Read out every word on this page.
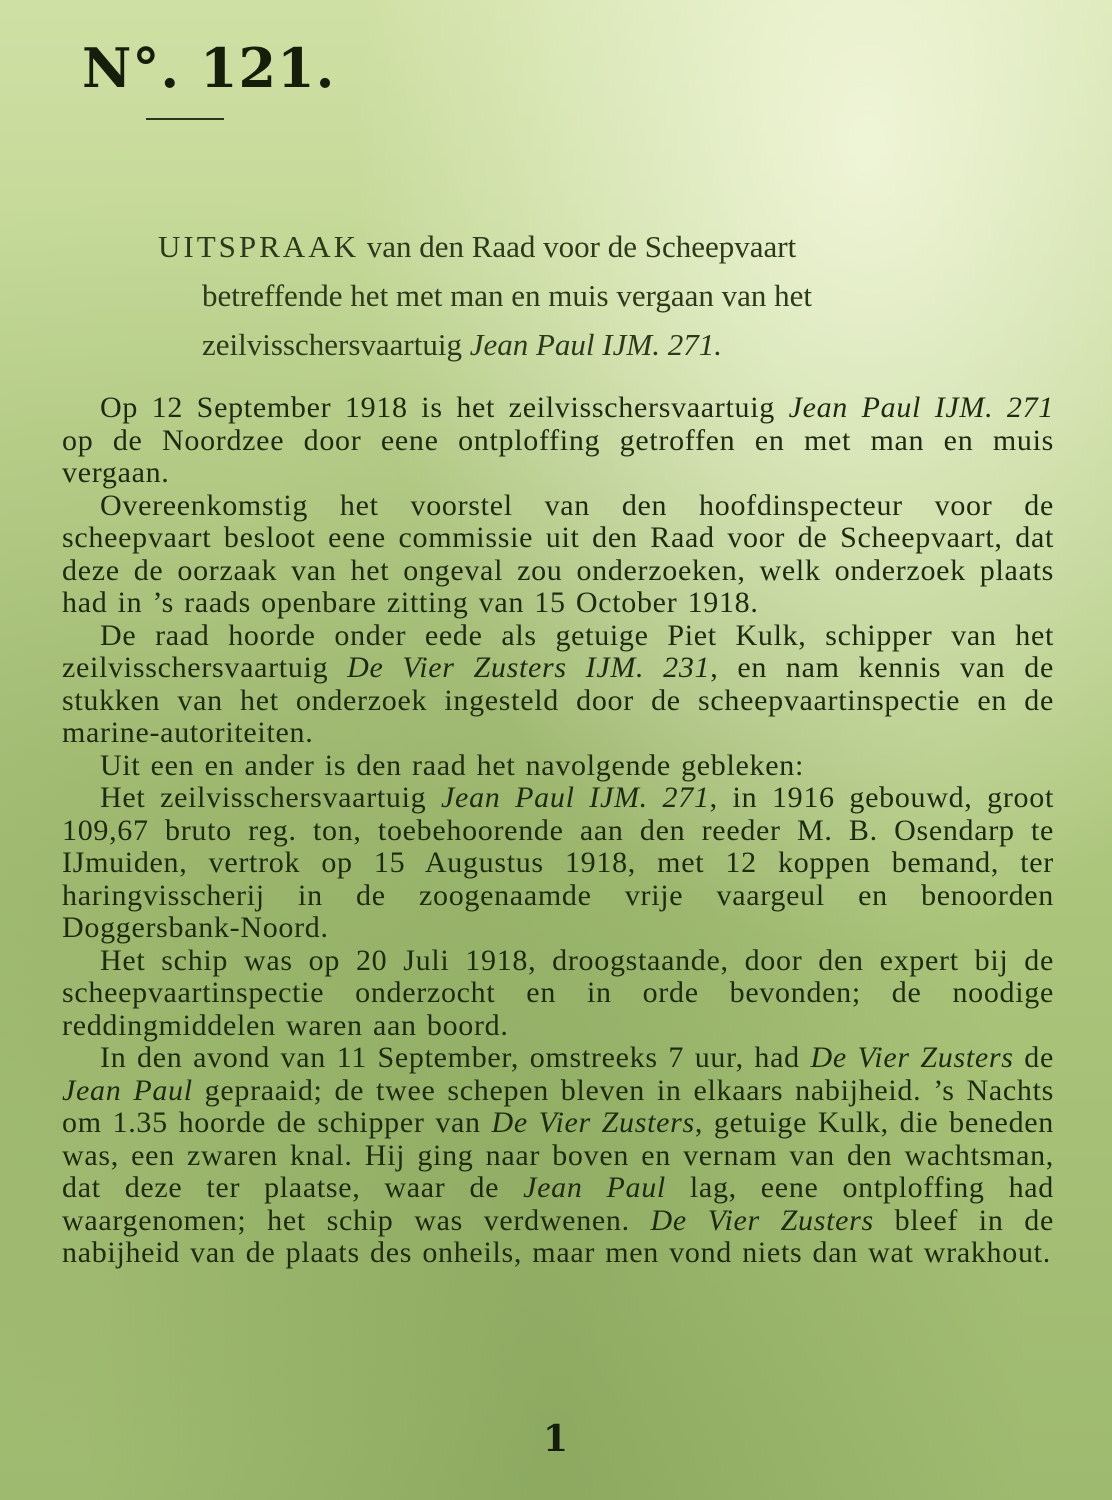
N°. 121.
UITSPRAAK van den Raad voor de Scheepvaart
betreffende het met man en muis vergaan van het
zeilvisschersvaartuig Jean Paul IJM. 271.

Op 12 September 1918 is het zeilvisschersvaartuig Jean Paul IJM. 271 op de Noordzee door eene ontploffing getroffen en met man en muis vergaan.

Overeenkomstig het voorstel van den hoofdinspecteur voor de scheepvaart besloot eene commissie uit den Raad voor de Scheepvaart, dat deze de oorzaak van het ongeval zou onderzoeken, welk onderzoek plaats had in ’s raads openbare zitting van 15 October 1918.

De raad hoorde onder eede als getuige Piet Kulk, schipper van het zeilvisschersvaartuig De Vier Zusters IJM. 231, en nam kennis van de stukken van het onderzoek ingesteld door de scheepvaartinspectie en de marine-autoriteiten.

Uit een en ander is den raad het navolgende gebleken:

Het zeilvisschersvaartuig Jean Paul IJM. 271, in 1916 gebouwd, groot 109,67 bruto reg. ton, toebehoorende aan den reeder M. B. Osendarp te IJmuiden, vertrok op 15 Augustus 1918, met 12 koppen bemand, ter haringvisscherij in de zoogenaamde vrije vaargeul en benoorden Doggersbank-Noord.

Het schip was op 20 Juli 1918, droogstaande, door den expert bij de scheepvaartinspectie onderzocht en in orde bevonden; de noodige reddingmiddelen waren aan boord.

In den avond van 11 September, omstreeks 7 uur, had De Vier Zusters de Jean Paul gepraaid; de twee schepen bleven in elkaars nabijheid. ’s Nachts om 1.35 hoorde de schipper van De Vier Zusters, getuige Kulk, die beneden was, een zwaren knal. Hij ging naar boven en vernam van den wachtsman, dat deze ter plaatse, waar de Jean Paul lag, eene ontploffing had waargenomen; het schip was verdwenen. De Vier Zusters bleef in de nabijheid van de plaats des onheils, maar men vond niets dan wat wrakhout.

1
